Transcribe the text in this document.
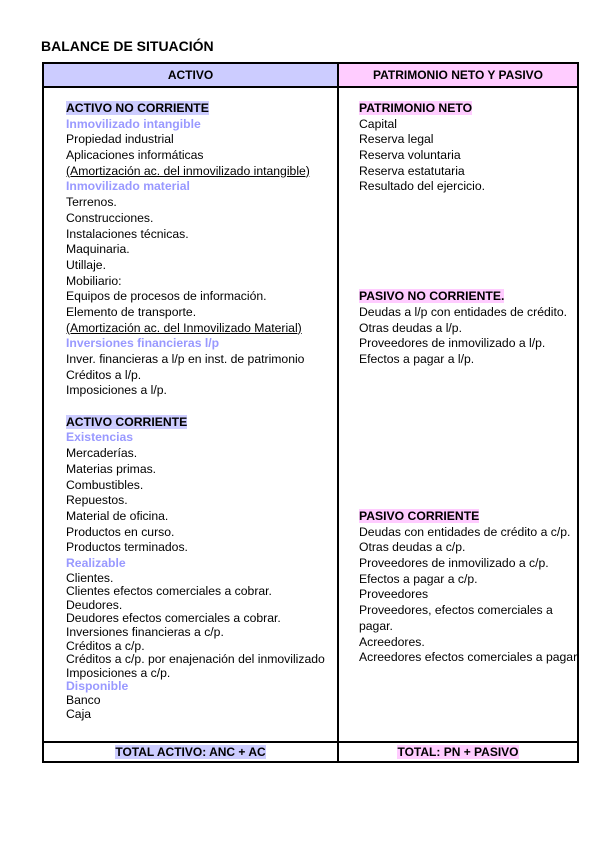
BALANCE DE SITUACIÓN
ACTIVO	PATRIMONIO NETO Y PASIVO
ACTIVO NO CORRIENTE
Inmovilizado intangible
Propiedad industrial
Aplicaciones informáticas
(Amortización ac. del inmovilizado intangible)
Inmovilizado material
Terrenos.
Construcciones.
Instalaciones técnicas.
Maquinaria.
Utillaje.
Mobiliario:
Equipos de procesos de información.
Elemento de transporte.
(Amortización ac. del Inmovilizado Material)
Inversiones financieras l/p
Inver. financieras a l/p en inst. de patrimonio
Créditos a l/p.
Imposiciones a l/p.
ACTIVO CORRIENTE
Existencias
Mercaderías.
Materias primas.
Combustibles.
Repuestos.
Material de oficina.
Productos en curso.
Productos terminados.
Realizable
Clientes.
Clientes efectos comerciales a cobrar.
Deudores.
Deudores efectos comerciales a cobrar.
Inversiones financieras a c/p.
Créditos a c/p.
Créditos a c/p. por enajenación del inmovilizado
Imposiciones a c/p.
Disponible
Banco
Caja
PATRIMONIO NETO
Capital
Reserva legal
Reserva voluntaria
Reserva estatutaria
Resultado del ejercicio.
PASIVO NO CORRIENTE.
Deudas a l/p con entidades de crédito.
Otras deudas a l/p.
Proveedores de inmovilizado a l/p.
Efectos a pagar a l/p.
PASIVO CORRIENTE
Deudas con entidades de crédito a c/p.
Otras deudas a c/p.
Proveedores de inmovilizado a c/p.
Efectos a pagar a c/p.
Proveedores
Proveedores, efectos comerciales a
pagar.
Acreedores.
Acreedores efectos comerciales a pagar.
TOTAL ACTIVO: ANC + AC	TOTAL: PN + PASIVO
